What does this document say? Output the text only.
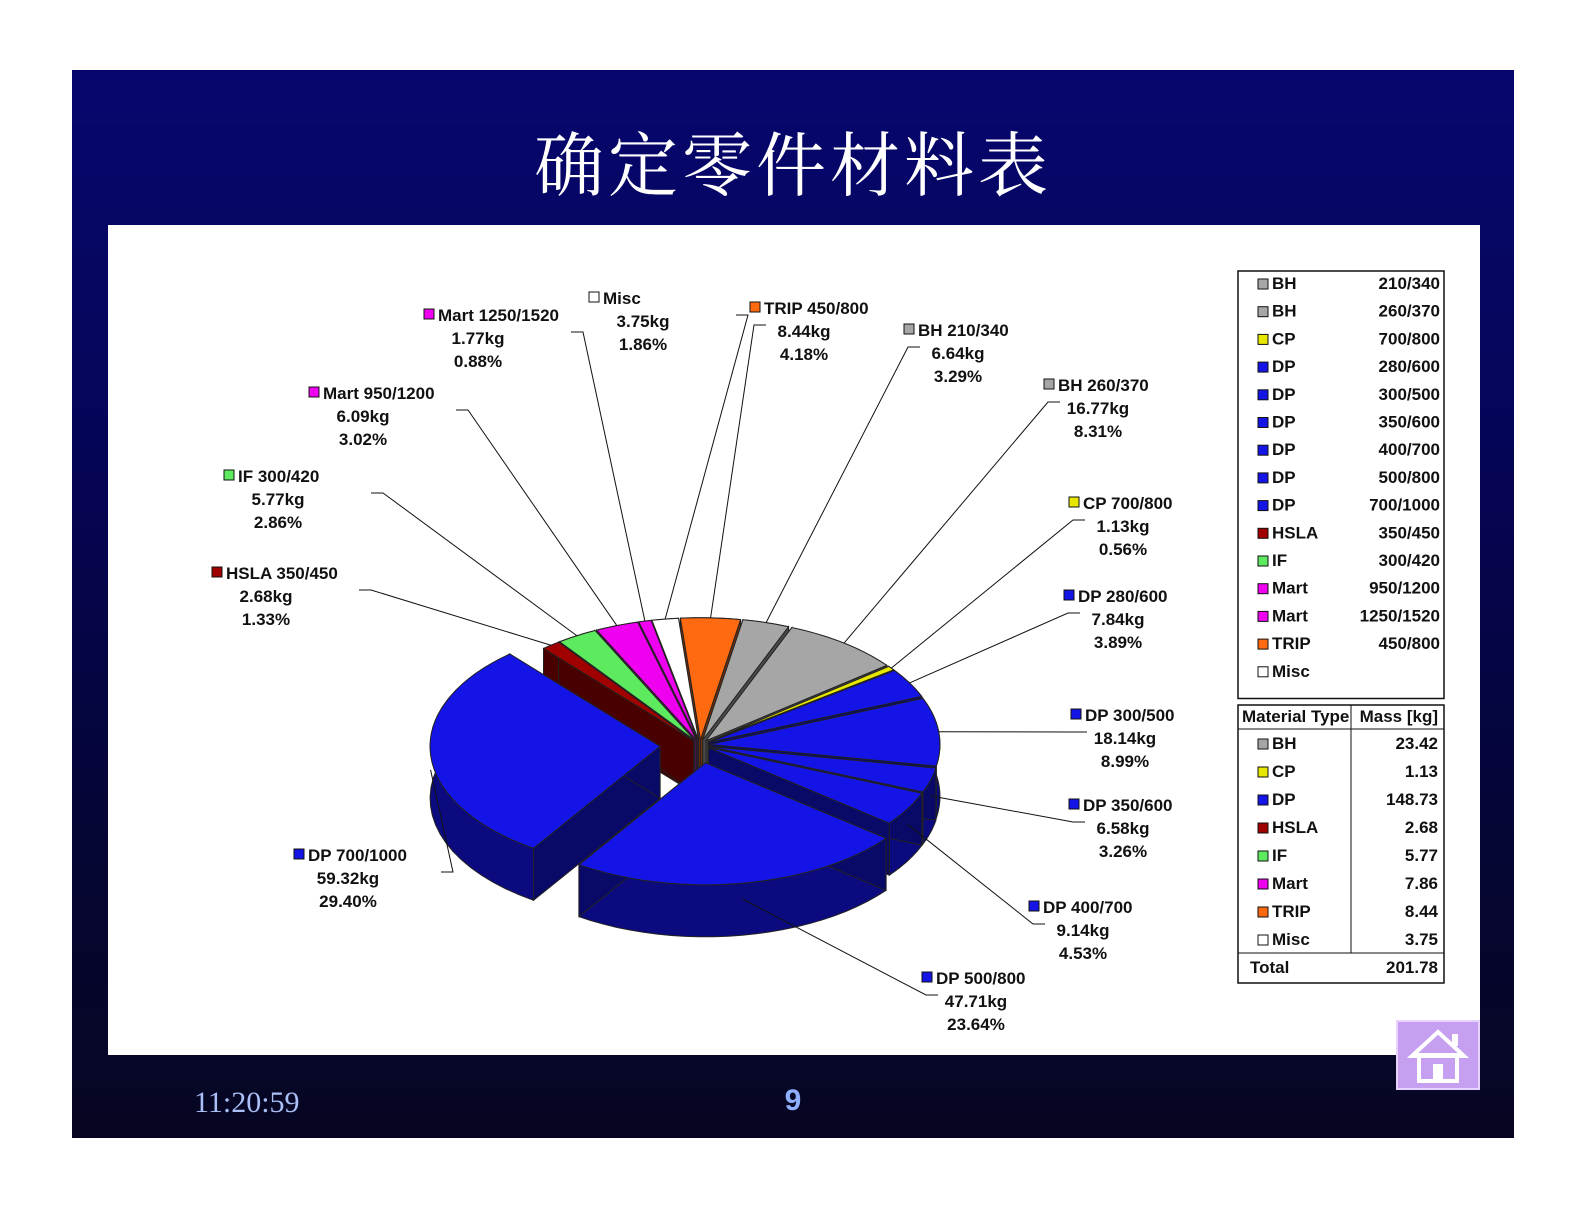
确定零件材料表
TRIP 450/800
8.44kg
4.18%
BH 210/340
6.64kg
3.29%	BH 260/370
16.77kg
8.31%
CP 700/800
1.13kg
0.56%
DP 280/600
7.84kg
3.89%
DP 300/500
18.14kg
8.99%
DP 350/600
6.58kg
3.26%
DP 400/700
9.14kg
4.53%
DP 500/800
47.71kg
23.64%
DP 700/1000
59.32kg
29.40%
HSLA 350/450
2.68kg
1.33%
IF 300/420
5.77kg
2.86%
Mart 950/1200
6.09kg
3.02%
Mart 1250/1520
1.77kg
0.88%
Misc
3.75kg
1.86%
BH	210/340
BH	260/370
CP	700/800
DP	280/600
DP	300/500
DP	350/600
DP	400/700
DP	500/800
DP	700/1000
HSLA	350/450
IF	300/420
Mart	950/1200
Mart	1250/1520
TRIP	450/800
Misc
Material Type Mass [kg]
BH	23.42
CP	1.13
DP	148.73
HSLA	2.68
IF	5.77
Mart	7.86
TRIP	8.44
Misc	3.75
Total	201.78
11:20:59	9
